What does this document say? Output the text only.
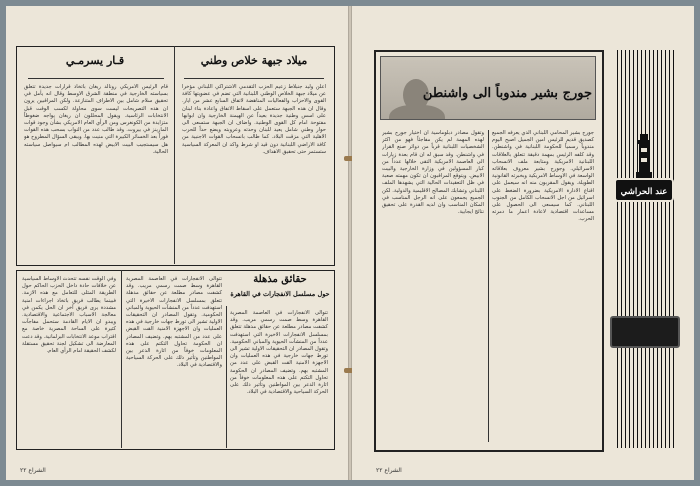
قـار يسرمـي	ميلاد جبهة خلاص وطني
قام الرئيس الامريكي رونالد ريغان باتخاذ قرارات جديدة تتعلق بسياسته الخارجية في منطقة الشرق الاوسط وقال انه يأمل في تحقيق سلام شامل بين الاطراف المتنازعة. ولكن المراقبين يرون ان هذه التصريحات ليست سوى محاولة لكسب الوقت قبل الانتخابات الرئاسية. ويقول المحللون ان ريغان يواجه ضغوطاً متزايدة من الكونغرس ومن الرأي العام الامريكي بشأن وجود قوات المارينز في بيروت. وقد طالب عدد من النواب بسحب هذه القوات فوراً بعد الخسائر الكبيرة التي منيت بها. ويبقى السؤال المطروح هو هل سيستجيب البيت الابيض لهذه المطالب ام سيواصل سياسته الحالية.
اعلن وليد جنبلاط زعيم الحزب التقدمي الاشتراكي اللبناني مؤخراً عن ميلاد جبهة الخلاص الوطني اللبنانية التي تضم في عضويتها كافة القوى والاحزاب والفعاليات المناهضة لاتفاق السابع عشر من ايار. وقال ان هذه الجبهة ستعمل على اسقاط الاتفاق واعادة بناء لبنان على اسس وطنية جديدة بعيداً عن الهيمنة الخارجية وان ابوابها مفتوحة امام كل القوى الوطنية. واضاف ان الجبهة ستسعى الى حوار وطني شامل يعيد للبنان وحدته وعروبته ويضع حداً للحرب الاهلية التي مزقت البلاد. كما طالب بانسحاب القوات الاجنبية من كافة الاراضي اللبنانية دون قيد او شرط واكد ان المعركة السياسية ستستمر حتى تحقيق الاهداف.
حقائق مذهلة
حول مسلسل الانفجارات في القاهرة
تتوالى الانفجارات في العاصمة المصرية القاهرة وسط صمت رسمي مريب. وقد كشفت مصادر مطلعة عن حقائق مذهلة تتعلق بمسلسل الانفجارات الاخيرة التي استهدفت عدداً من المنشآت الحيوية والمباني الحكومية. وتقول المصادر ان التحقيقات الاولية تشير الى تورط جهات خارجية في هذه العمليات وان الاجهزة الامنية القت القبض على عدد من المشتبه بهم. وتضيف المصادر ان الحكومة تحاول التكتم على هذه المعلومات خوفاً من اثارة الذعر بين المواطنين وتأثير ذلك على الحركة السياحية والاقتصادية في البلاد.
تتوالى الانفجارات في العاصمة المصرية القاهرة وسط صمت رسمي مريب. وقد كشفت مصادر مطلعة عن حقائق مذهلة تتعلق بمسلسل الانفجارات الاخيرة التي استهدفت عدداً من المنشآت الحيوية والمباني الحكومية. وتقول المصادر ان التحقيقات الاولية تشير الى تورط جهات خارجية في هذه العمليات وان الاجهزة الامنية القت القبض على عدد من المشتبه بهم. وتضيف المصادر ان الحكومة تحاول التكتم على هذه المعلومات خوفاً من اثارة الذعر بين المواطنين وتأثير ذلك على الحركة السياحية والاقتصادية في البلاد.
وفي الوقت نفسه تتحدث الاوساط السياسية عن خلافات حادة داخل الحزب الحاكم حول الطريقة المثلى للتعامل مع هذه الازمة. فبينما يطالب فريق باتخاذ اجراءات امنية مشددة يرى فريق آخر ان الحل يكمن في معالجة الاسباب الاجتماعية والاقتصادية. ويبدو ان الايام القادمة ستحمل مفاجآت كثيرة على الساحة المصرية خاصة مع اقتراب موعد الانتخابات البرلمانية. وقد دعت المعارضة الى تشكيل لجنة تحقيق مستقلة لكشف الحقيقة امام الرأي العام.
الشراع ٢٢
جورج بشير مندوباً الى واشنطن
جورج بشير المحامي اللبناني الذي يعرفه الجميع كصديق قديم للرئيس امين الجميل اصبح اليوم مندوباً رسمياً للحكومة اللبنانية في واشنطن. وقد كلفه الرئيس بمهمة دقيقة تتعلق بالعلاقات اللبنانية الامريكية ومتابعة ملف الانسحاب الاسرائيلي. وجورج بشير معروف بعلاقاته الواسعة في الاوساط الامريكية وبخبرته القانونية الطويلة. ويقول المقربون منه انه سيعمل على اقناع الادارة الامريكية بضرورة الضغط على اسرائيل من اجل الانسحاب الكامل من الجنوب اللبناني. كما سيسعى الى الحصول على مساعدات اقتصادية لاعادة اعمار ما دمرته الحرب.
وتقول مصادر دبلوماسية ان اختيار جورج بشير لهذه المهمة لم يكن مفاجئاً فهو من اكثر الشخصيات اللبنانية قرباً من دوائر صنع القرار في واشنطن. وقد سبق له ان قام بعدة زيارات الى العاصمة الامريكية التقى خلالها عدداً من كبار المسؤولين في وزارة الخارجية والبيت الابيض. ويتوقع المراقبون ان تكون مهمته صعبة في ظل التعقيدات الحالية التي يشهدها الملف اللبناني وتشابك المصالح الاقليمية والدولية. لكن الجميع يجمعون على انه الرجل المناسب في المكان المناسب وان لديه القدرة على تحقيق نتائج ايجابية.
عند الحراشي
الشراع ٢٢
